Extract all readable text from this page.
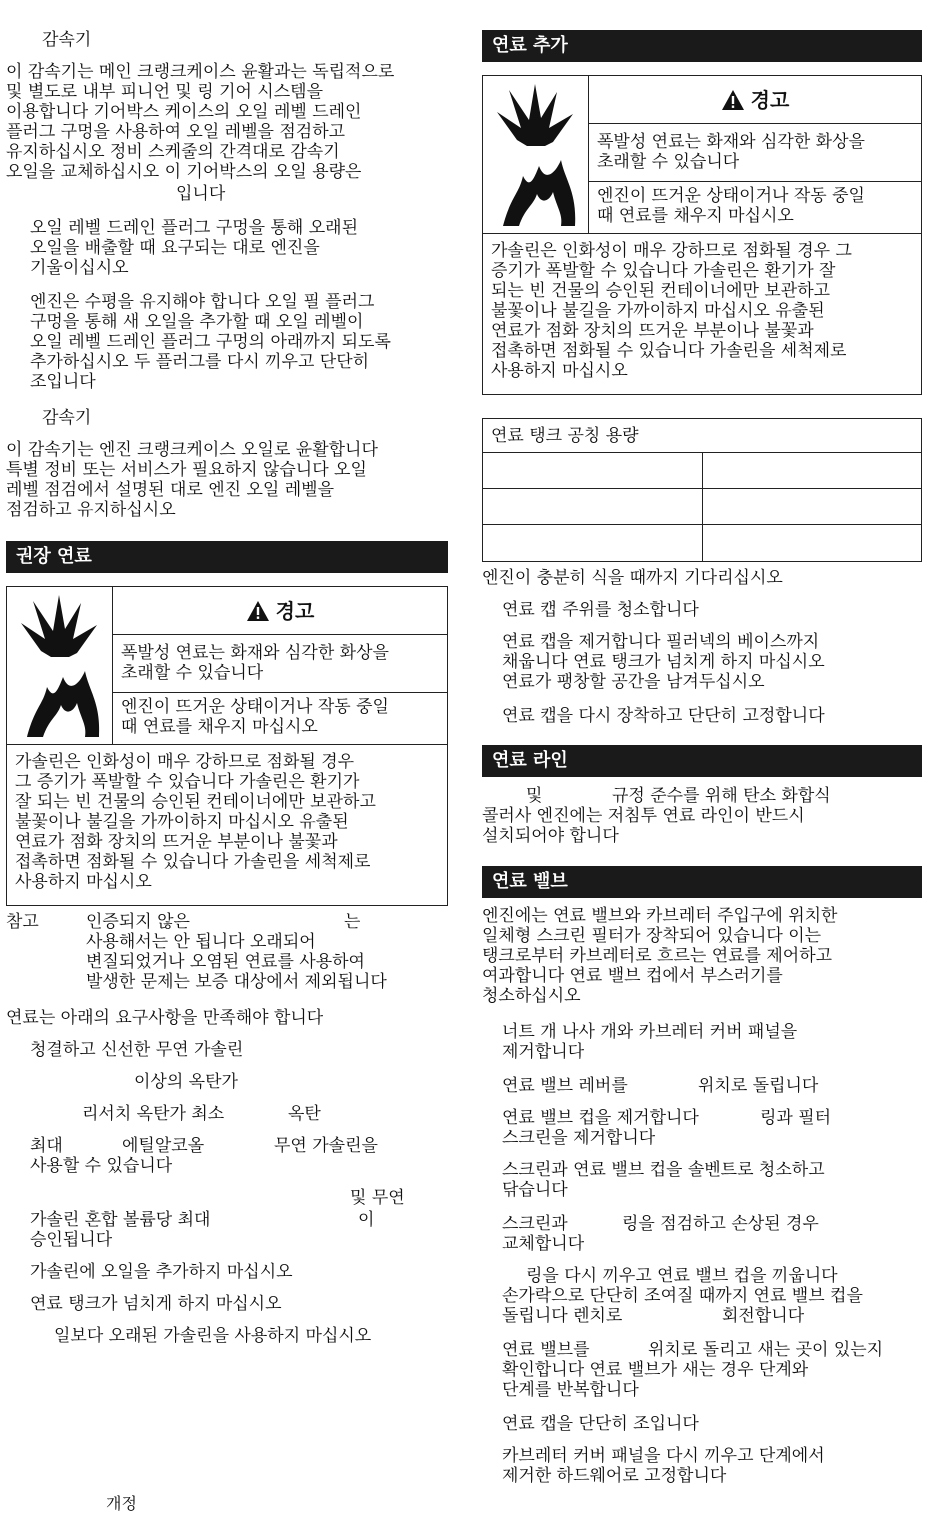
감속기

이 감속기는 메인 크랭크케이스 윤활과는 독립적으로
및 별도로 내부 피니언 및 링 기어 시스템을
이용합니다 기어박스 케이스의 오일 레벨 드레인
플러그 구멍을 사용하여 오일 레벨을 점검하고
유지하십시오 정비 스케줄의 간격대로 감속기
오일을 교체하십시오 이 기어박스의 오일 용량은

입니다

오일 레벨 드레인 플러그 구멍을 통해 오래된
오일을 배출할 때 요구되는 대로 엔진을
기울이십시오

엔진은 수평을 유지해야 합니다 오일 필 플러그
구멍을 통해 새 오일을 추가할 때 오일 레벨이
오일 레벨 드레인 플러그 구멍의 아래까지 되도록
추가하십시오 두 플러그를 다시 끼우고 단단히
조입니다

감속기

이 감속기는 엔진 크랭크케이스 오일로 윤활합니다
특별 정비 또는 서비스가 필요하지 않습니다 오일
레벨 점검에서 설명된 대로 엔진 오일 레벨을
점검하고 유지하십시오

권장 연료
경고
폭발성 연료는 화재와 심각한 화상을
초래할 수 있습니다
엔진이 뜨거운 상태이거나 작동 중일
때 연료를 채우지 마십시오
가솔린은 인화성이 매우 강하므로 점화될 경우
그 증기가 폭발할 수 있습니다 가솔린은 환기가
잘 되는 빈 건물의 승인된 컨테이너에만 보관하고
불꽃이나 불길을 가까이하지 마십시오 유출된
연료가 점화 장치의 뜨거운 부분이나 불꽃과
접촉하면 점화될 수 있습니다 가솔린을 세척제로
사용하지 마십시오

참고	인증되지 않은	는

사용해서는 안 됩니다 오래되어
변질되었거나 오염된 연료를 사용하여
발생한 문제는 보증 대상에서 제외됩니다

연료는 아래의 요구사항을 만족해야 합니다

청결하고 신선한 무연 가솔린

이상의 옥탄가

리서치 옥탄가 최소	옥탄

최대	에틸알코올	무연 가솔린을

사용할 수 있습니다

및 무연

가솔린 혼합 볼륨당 최대	이

승인됩니다

가솔린에 오일을 추가하지 마십시오

연료 탱크가 넘치게 하지 마십시오

일보다 오래된 가솔린을 사용하지 마십시오

개정

연료 추가
경고
폭발성 연료는 화재와 심각한 화상을
초래할 수 있습니다
엔진이 뜨거운 상태이거나 작동 중일
때 연료를 채우지 마십시오
가솔린은 인화성이 매우 강하므로 점화될 경우 그
증기가 폭발할 수 있습니다 가솔린은 환기가 잘
되는 빈 건물의 승인된 컨테이너에만 보관하고
불꽃이나 불길을 가까이하지 마십시오 유출된
연료가 점화 장치의 뜨거운 부분이나 불꽃과
접촉하면 점화될 수 있습니다 가솔린을 세척제로
사용하지 마십시오
연료 탱크 공칭 용량

엔진이 충분히 식을 때까지 기다리십시오

연료 캡 주위를 청소합니다

연료 캡을 제거합니다 필러넥의 베이스까지
채웁니다 연료 탱크가 넘치게 하지 마십시오
연료가 팽창할 공간을 남겨두십시오

연료 캡을 다시 장착하고 단단히 고정합니다

연료 라인

및	규정 준수를 위해 탄소 화합식

콜러사 엔진에는 저침투 연료 라인이 반드시
설치되어야 합니다

연료 밸브

엔진에는 연료 밸브와 카브레터 주입구에 위치한
일체형 스크린 필터가 장착되어 있습니다 이는
탱크로부터 카브레터로 흐르는 연료를 제어하고
여과합니다 연료 밸브 컵에서 부스러기를
청소하십시오

너트 개 나사 개와 카브레터 커버 패널을
제거합니다

연료 밸브 레버를	위치로 돌립니다

연료 밸브 컵을 제거합니다	링과 필터

스크린을 제거합니다

스크린과 연료 밸브 컵을 솔벤트로 청소하고
닦습니다

스크린과	링을 점검하고 손상된 경우

교체합니다

링을 다시 끼우고 연료 밸브 컵을 끼웁니다

손가락으로 단단히 조여질 때까지 연료 밸브 컵을

돌립니다 렌치로	회전합니다

연료 밸브를	위치로 돌리고 새는 곳이 있는지

확인합니다 연료 밸브가 새는 경우 단계와
단계를 반복합니다

연료 캡을 단단히 조입니다

카브레터 커버 패널을 다시 끼우고 단계에서
제거한 하드웨어로 고정합니다
